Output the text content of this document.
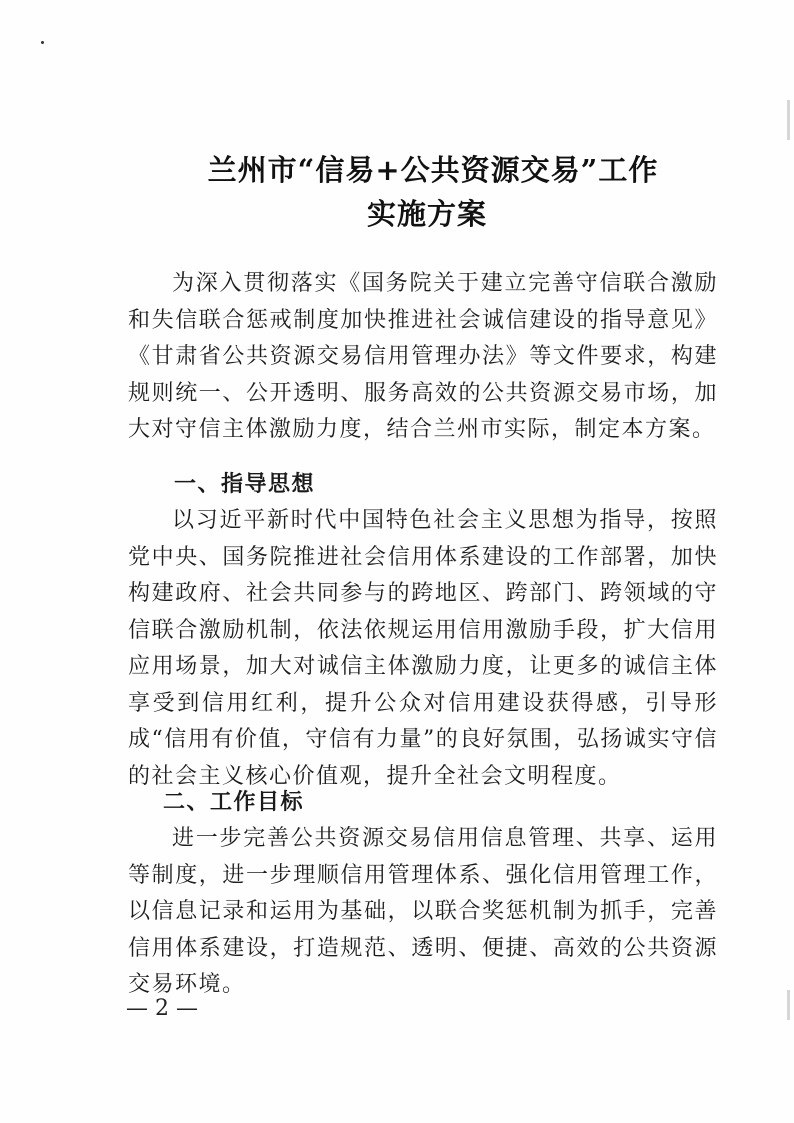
兰州市“信易+公共资源交易”工作
实施方案

为深入贯彻落实《国务院关于建立完善守信联合激励和失信联合惩戒制度加快推进社会诚信建设的指导意见》《甘肃省公共资源交易信用管理办法》等文件要求，构建规则统一、公开透明、服务高效的公共资源交易市场，加大对守信主体激励力度，结合兰州市实际，制定本方案。

一、指导思想

以习近平新时代中国特色社会主义思想为指导，按照党中央、国务院推进社会信用体系建设的工作部署，加快构建政府、社会共同参与的跨地区、跨部门、跨领域的守信联合激励机制，依法依规运用信用激励手段，扩大信用应用场景，加大对诚信主体激励力度，让更多的诚信主体享受到信用红利，提升公众对信用建设获得感，引导形成“信用有价值，守信有力量”的良好氛围，弘扬诚实守信的社会主义核心价值观，提升全社会文明程度。

二、工作目标

进一步完善公共资源交易信用信息管理、共享、运用等制度，进一步理顺信用管理体系、强化信用管理工作，以信息记录和运用为基础，以联合奖惩机制为抓手，完善信用体系建设，打造规范、透明、便捷、高效的公共资源交易环境。

— 2 —
